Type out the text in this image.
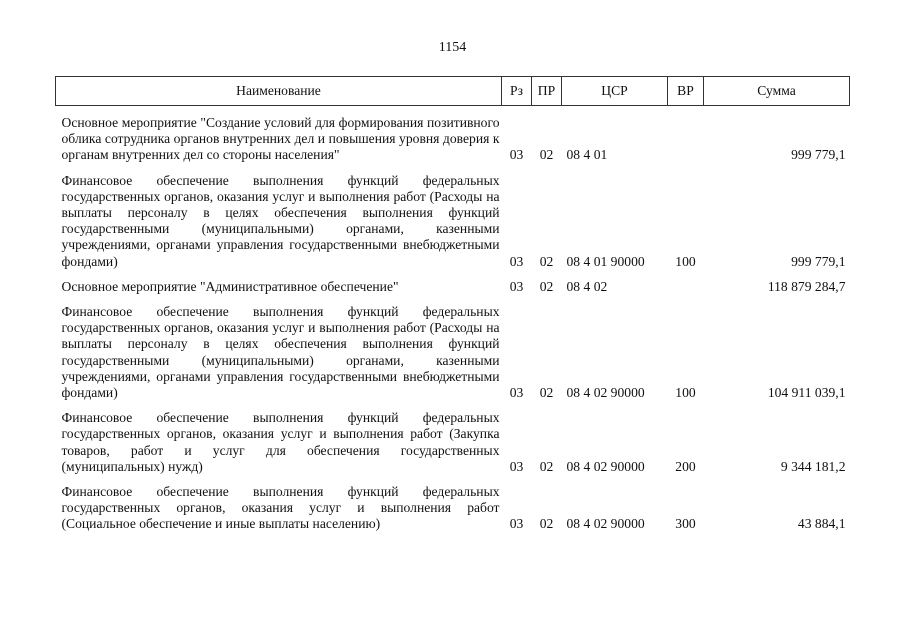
1154
Наименование	Рз	ПР	ЦСР	ВР	Сумма

Основное мероприятие "Создание условий для формирования позитивного облика сотрудника органов внутренних дел и повышения уровня доверия к органам внутренних дел со стороны населения"	03	02	08 4 01		999 779,1

Финансовое обеспечение выполнения функций федеральных государственных органов, оказания услуг и выполнения работ (Расходы на выплаты персоналу в целях обеспечения выполнения функций государственными (муниципальными) органами, казенными учреждениями, органами управления государственными внебюджетными фондами)	03	02	08 4 01 90000	100	999 779,1

Основное мероприятие "Административное обеспечение"	03	02	08 4 02		118 879 284,7

Финансовое обеспечение выполнения функций федеральных государственных органов, оказания услуг и выполнения работ (Расходы на выплаты персоналу в целях обеспечения выполнения функций государственными (муниципальными) органами, казенными учреждениями, органами управления государственными внебюджетными фондами)	03	02	08 4 02 90000	100	104 911 039,1

Финансовое обеспечение выполнения функций федеральных государственных органов, оказания услуг и выполнения работ (Закупка товаров, работ и услуг для обеспечения государственных (муниципальных) нужд)	03	02	08 4 02 90000	200	9 344 181,2

Финансовое обеспечение выполнения функций федеральных государственных органов, оказания услуг и выполнения работ (Социальное обеспечение и иные выплаты населению)	03	02	08 4 02 90000	300	43 884,1
